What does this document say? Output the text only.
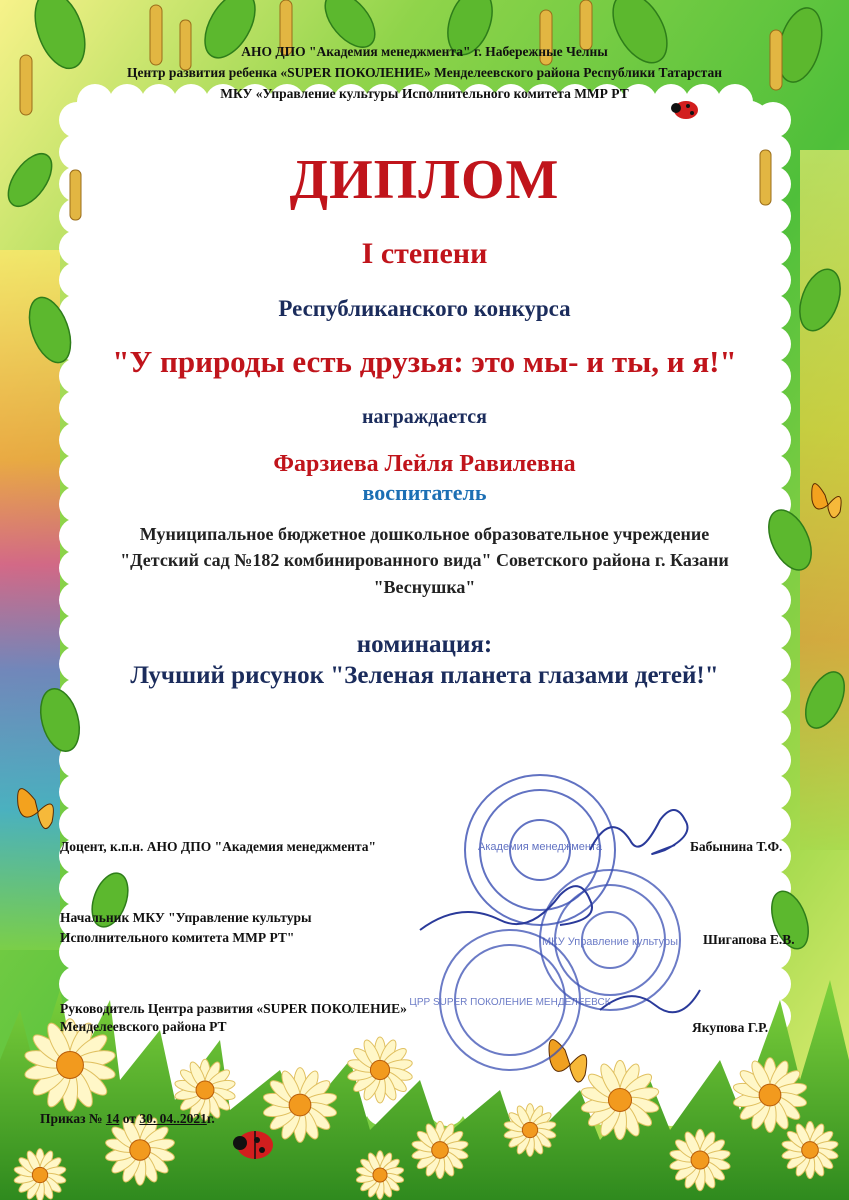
Академия менеджмента
МКУ Управление культуры
ЦРР SUPER ПОКОЛЕНИЕ МЕНДЕЛЕЕВСК

АНО ДПО "Академия менеджмента" г. Набережные Челны

Центр развития ребенка «SUPER ПОКОЛЕНИЕ» Менделеевского района Республики Татарстан

МКУ «Управление культуры Исполнительного комитета ММР РТ

ДИПЛОМ

I степени

Республиканского конкурса

"У природы есть друзья: это мы- и ты, и я!"

награждается

Фарзиева Лейля Равилевна

воспитатель

Муниципальное бюджетное дошкольное образовательное учреждение

"Детский сад №182 комбинированного вида" Советского района г. Казани

"Веснушка"

номинация:

Лучший рисунок "Зеленая планета глазами детей!"

Доцент, к.п.н. АНО ДПО "Академия менеджмента"	Бабынина Т.Ф.
Начальник МКУ "Управление культуры
Исполнительного комитета ММР РТ"	Шигапова Е.В.
Руководитель Центра развития «SUPER ПОКОЛЕНИЕ»
Менделеевского района РТ	Якупова Г.Р.
Приказ № 14 от 30. 04..2021г.
